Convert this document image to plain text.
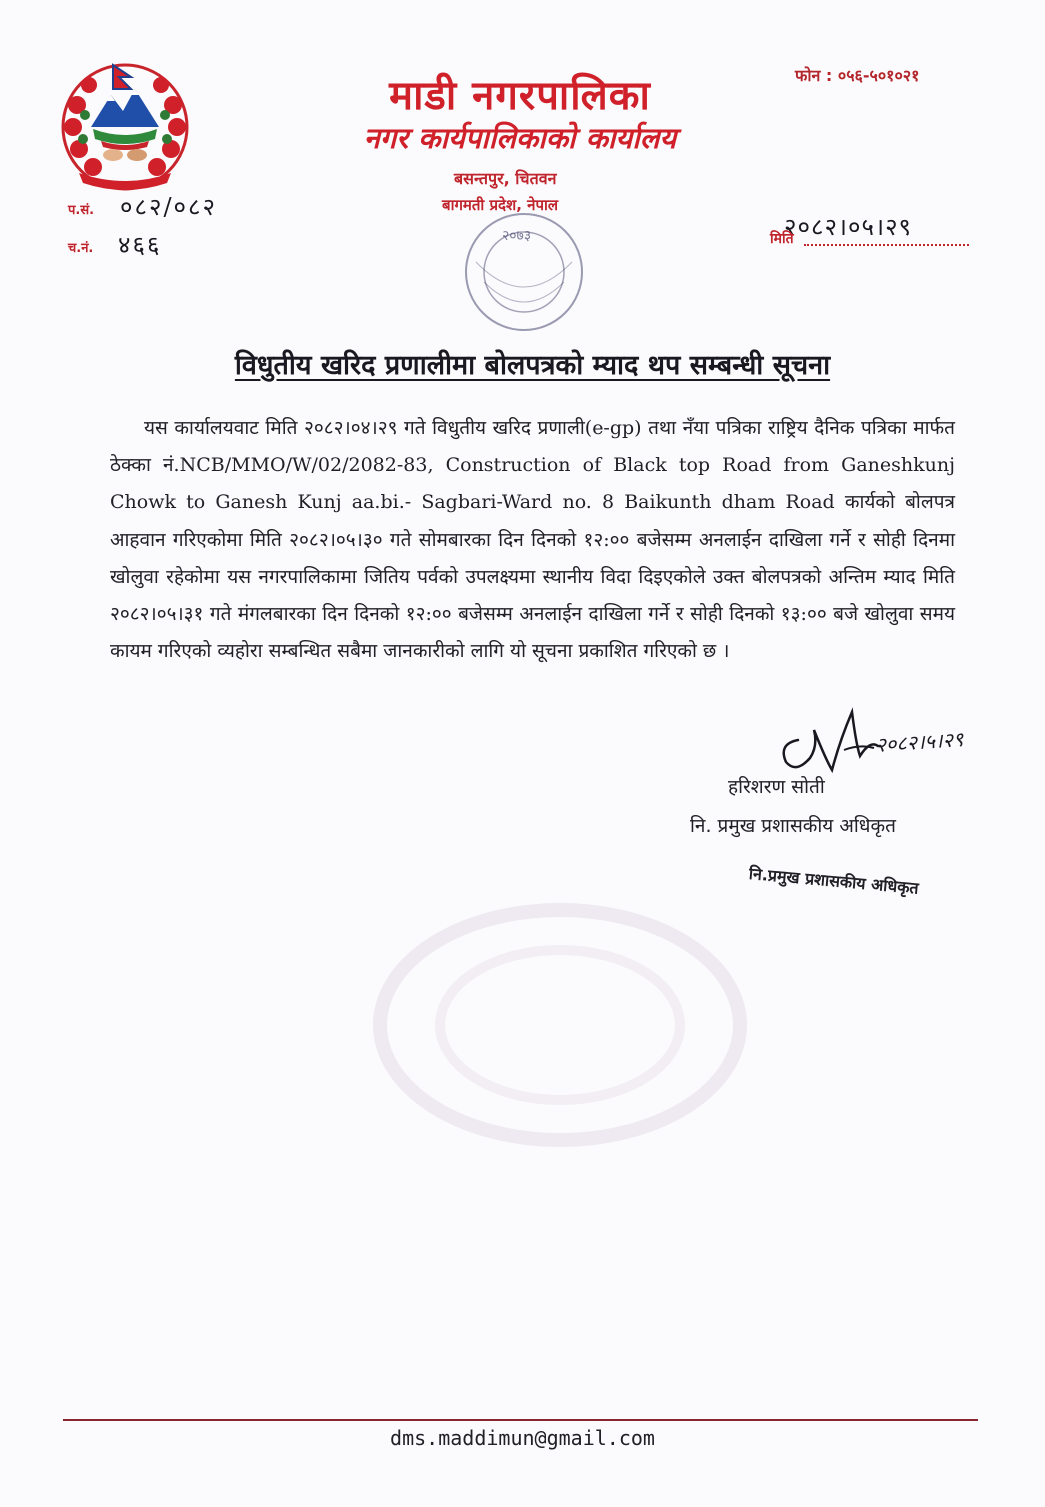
माडी नगरपालिका
नगर कार्यपालिकाको कार्यालय
फोन : ०५६-५०१०२१
बसन्तपुर, चितवन
बागमती प्रदेश, नेपाल
२०७३
प.सं. ०८२/०८२
च.नं. ४६६
२०८२।०५।२९
मिति
विधुतीय खरिद प्रणालीमा बोलपत्रको म्याद थप सम्बन्धी सूचना

यस कार्यालयवाट मिति २०८२।०४।२९ गते विधुतीय खरिद प्रणाली(e-gp) तथा नँया पत्रिका राष्ट्रिय दैनिक पत्रिका मार्फत ठेक्का नं.NCB/MMO/W/02/2082-83, Construction of Black top Road from Ganeshkunj Chowk to Ganesh Kunj aa.bi.- Sagbari-Ward no. 8 Baikunth dham Road कार्यको बोलपत्र आहवान गरिएकोमा मिति २०८२।०५।३० गते सोमबारका दिन दिनको १२:०० बजेसम्म अनलाईन दाखिला गर्ने र सोही दिनमा खोलुवा रहेकोमा यस नगरपालिकामा जितिय पर्वको उपलक्ष्यमा स्थानीय विदा दिइएकोले उक्त बोलपत्रको अन्तिम म्याद मिति २०८२।०५।३१ गते मंगलबारका दिन दिनको १२:०० बजेसम्म अनलाईन दाखिला गर्ने र सोही दिनको १३:०० बजे खोलुवा समय कायम गरिएको व्यहोरा सम्बन्धित सबैमा जानकारीको लागि यो सूचना प्रकाशित गरिएको छ ।

२०८२।५।२९
हरिशरण सोती
नि. प्रमुख प्रशासकीय अधिकृत
नि.प्रमुख प्रशासकीय अधिकृत
dms.maddimun@gmail.com
